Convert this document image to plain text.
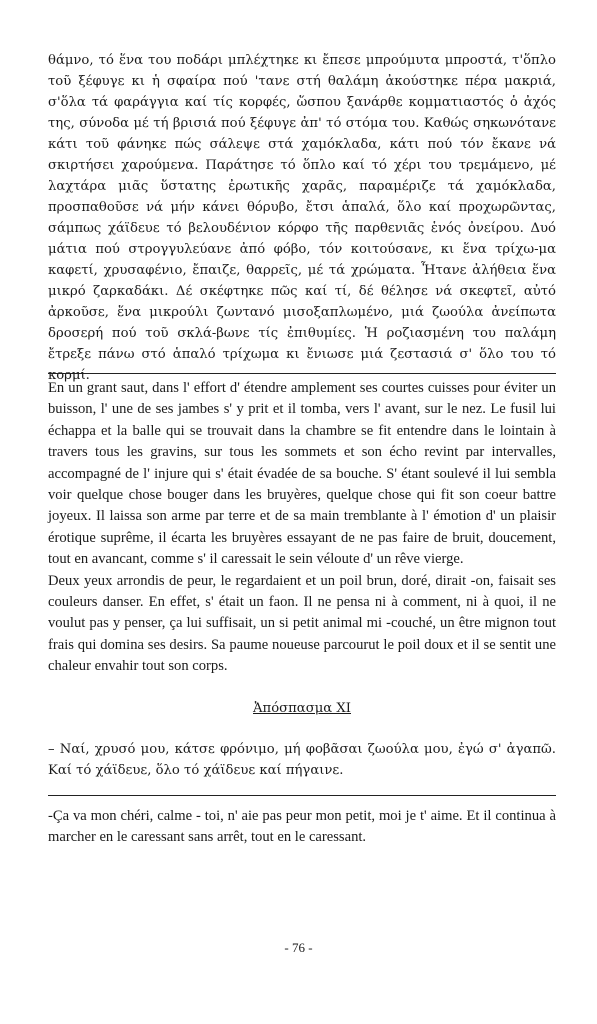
θάμνο, τό ἕνα του ποδάρι μπλέχτηκε κι ἔπεσε μπρούμυτα μπροστά, τ'ὅπλο τοῦ ξέφυγε κι ἡ σφαίρα πού 'τανε στή θαλάμη ἀκούστηκε πέρα μακριά, σ'ὅλα τά φαράγγια καί τίς κορφές, ὥσπου ξανάρθε κομματιαστός ὁ ἀχός της, σύνοδα μέ τή βρισιά πού ξέφυγε ἀπ' τό στόμα του. Καθώς σηκωνότανε κάτι τοῦ φάνηκε πώς σάλεψε στά χαμόκλαδα, κάτι πού τόν ἔκανε νά σκιρτήσει χαρούμενα. Παράτησε τό ὅπλο καί τό χέρι του τρεμάμενο, μέ λαχτάρα μιᾶς ὕστατης ἐρωτικῆς χαρᾶς, παραμέριζε τά χαμόκλαδα, προσπαθοῦσε νά μήν κάνει θόρυβο, ἔτσι ἁπαλά, ὅλο καί προχωρῶντας, σάμπως χάϊδευε τό βελουδένιον κόρφο τῆς παρθενιᾶς ἑνός ὀνείρου. Δυό μάτια πού στρογγυλεύανε ἀπό φόβο, τόν κοιτούσανε, κι ἕνα τρίχω-μα καφετί, χρυσαφένιο, ἔπαιζε, θαρρεῖς, μέ τά χρώματα. Ἦτανε ἀλήθεια ἕνα μικρό ζαρκαδάκι. Δέ σκέφτηκε πῶς καί τί, δέ θέλησε νά σκεφτεῖ, αὐτό ἀρκοῦσε, ἕνα μικρούλι ζωντανό μισοξαπλωμένο, μιά ζωούλα ἀνείπωτα δροσερή πού τοῦ σκλά-βωνε τίς ἐπιθυμίες. Ἡ ροζιασμένη του παλάμη ἔτρεξε πάνω στό ἁπαλό τρίχωμα κι ἔνιωσε μιά ζεστασιά σ' ὅλο του τό κορμί.

En un grant saut, dans l' effort d' étendre amplement ses courtes cuisses pour éviter un buisson, l' une de ses jambes s' y prit et il tomba, vers l' avant, sur le nez. Le fusil lui échappa et la balle qui se trouvait dans la chambre se fit entendre dans le lointain à travers tous les gravins, sur tous les sommets et son écho revint par intervalles, accompagné de l' injure qui s' était évadée de sa bouche. S' étant soulevé il lui sembla voir quelque chose bouger dans les bruyères, quelque chose qui fit son coeur battre joyeux. Il laissa son arme par terre et de sa main tremblante à l' émotion d' un plaisir érotique suprême, il écarta les bruyères essayant de ne pas faire de bruit, doucement, tout en avancant, comme s' il caressait le sein véloute d' un rêve vierge.

Deux yeux arrondis de peur, le regardaient et un poil brun, doré, dirait -on, faisait ses couleurs danser. En effet, s' était un faon. Il ne pensa ni à comment, ni à quoi, il ne voulut pas y penser, ça lui suffisait, un si petit animal mi -couché, un être mignon tout frais qui domina ses desirs. Sa paume noueuse parcourut le poil doux et il se sentit une chaleur envahir tout son corps.

Ἀπόσπασμα XI

– Ναί, χρυσό μου, κάτσε φρόνιμο, μή φοβᾶσαι ζωούλα μου, ἐγώ σ' ἀγαπῶ. Καί τό χάϊδευε, ὅλο τό χάϊδευε καί πήγαινε.

-Ça va mon chéri, calme - toi, n' aie pas peur mon petit, moi je t' aime. Et il continua à marcher en le caressant sans arrêt, tout en le caressant.

- 76 -
